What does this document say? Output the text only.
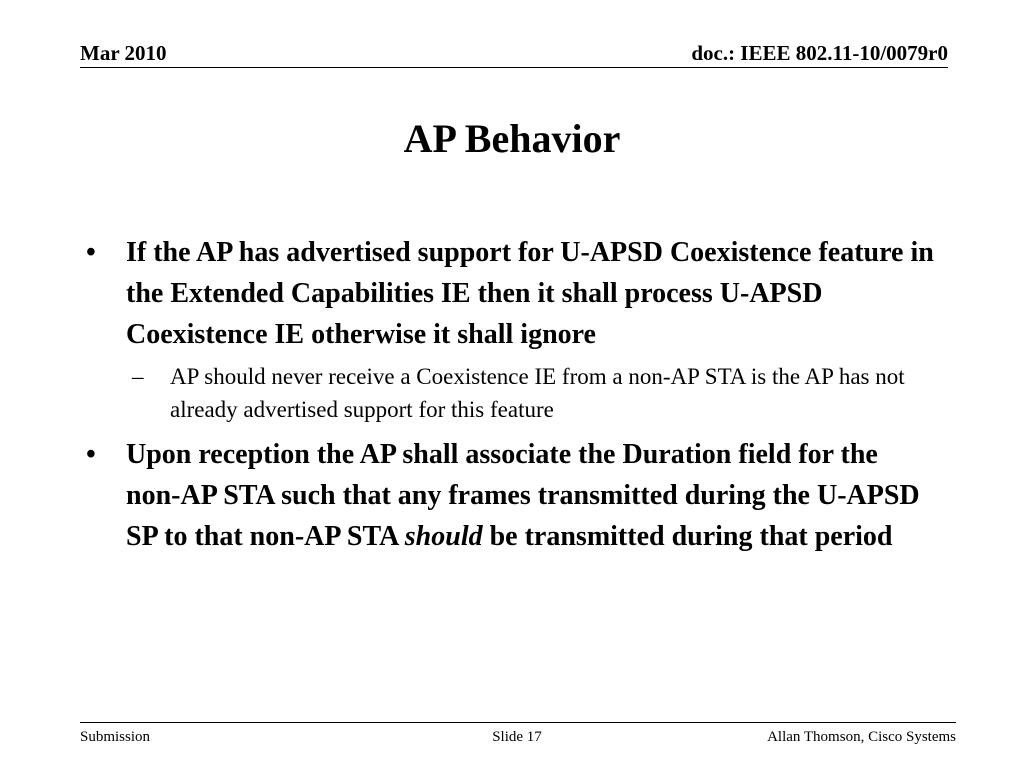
Mar 2010	doc.: IEEE 802.11-10/0079r0
AP Behavior
• If the AP has advertised support for U-APSD Coexistence feature in the Extended Capabilities IE then it shall process U-APSD Coexistence IE otherwise it shall ignore
– AP should never receive a Coexistence IE from a non-AP STA is the AP has not already advertised support for this feature
• Upon reception the AP shall associate the Duration field for the non-AP STA such that any frames transmitted during the U-APSD SP to that non-AP STA should be transmitted during that period
Submission	Slide 17	Allan Thomson, Cisco Systems
